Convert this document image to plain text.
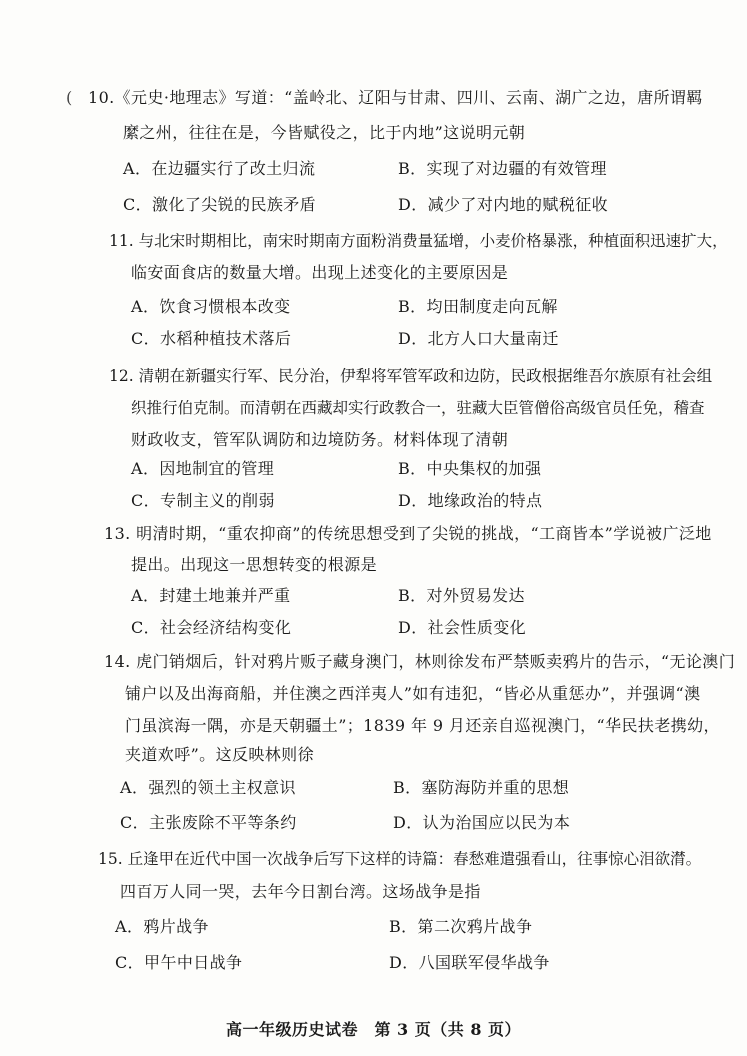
( 10.《元史·地理志》写道：“盖岭北、辽阳与甘肃、四川、云南、湖广之边，唐所谓羁
縻之州，往往在是，今皆赋役之，比于内地”这说明元朝
A．在边疆实行了改土归流	B．实现了对边疆的有效管理
C．激化了尖锐的民族矛盾	D．减少了对内地的赋税征收
11. 与北宋时期相比，南宋时期南方面粉消费量猛增，小麦价格暴涨，种植面积迅速扩大，
临安面食店的数量大增。出现上述变化的主要原因是
A．饮食习惯根本改变	B．均田制度走向瓦解
C．水稻种植技术落后	D．北方人口大量南迁
12. 清朝在新疆实行军、民分治，伊犁将军管军政和边防，民政根据维吾尔族原有社会组
织推行伯克制。而清朝在西藏却实行政教合一，驻藏大臣管僧俗高级官员任免，稽查
财政收支，管军队调防和边境防务。材料体现了清朝
A．因地制宜的管理	B．中央集权的加强
C．专制主义的削弱	D．地缘政治的特点
13. 明清时期，“重农抑商”的传统思想受到了尖锐的挑战，“工商皆本”学说被广泛地
提出。出现这一思想转变的根源是
A．封建土地兼并严重	B．对外贸易发达
C．社会经济结构变化	D．社会性质变化
14. 虎门销烟后，针对鸦片贩子藏身澳门，林则徐发布严禁贩卖鸦片的告示，“无论澳门
铺户以及出海商船，并住澳之西洋夷人”如有违犯，“皆必从重惩办”，并强调“澳
门虽滨海一隅，亦是天朝疆土”；1839 年 9 月还亲自巡视澳门，“华民扶老携幼，
夹道欢呼”。这反映林则徐
A．强烈的领土主权意识	B．塞防海防并重的思想
C．主张废除不平等条约	D．认为治国应以民为本
15. 丘逢甲在近代中国一次战争后写下这样的诗篇：春愁难遣强看山，往事惊心泪欲潸。
四百万人同一哭，去年今日割台湾。这场战争是指
A．鸦片战争	B．第二次鸦片战争
C．甲午中日战争	D．八国联军侵华战争
高一年级历史试卷　第 3 页（共 8 页）
